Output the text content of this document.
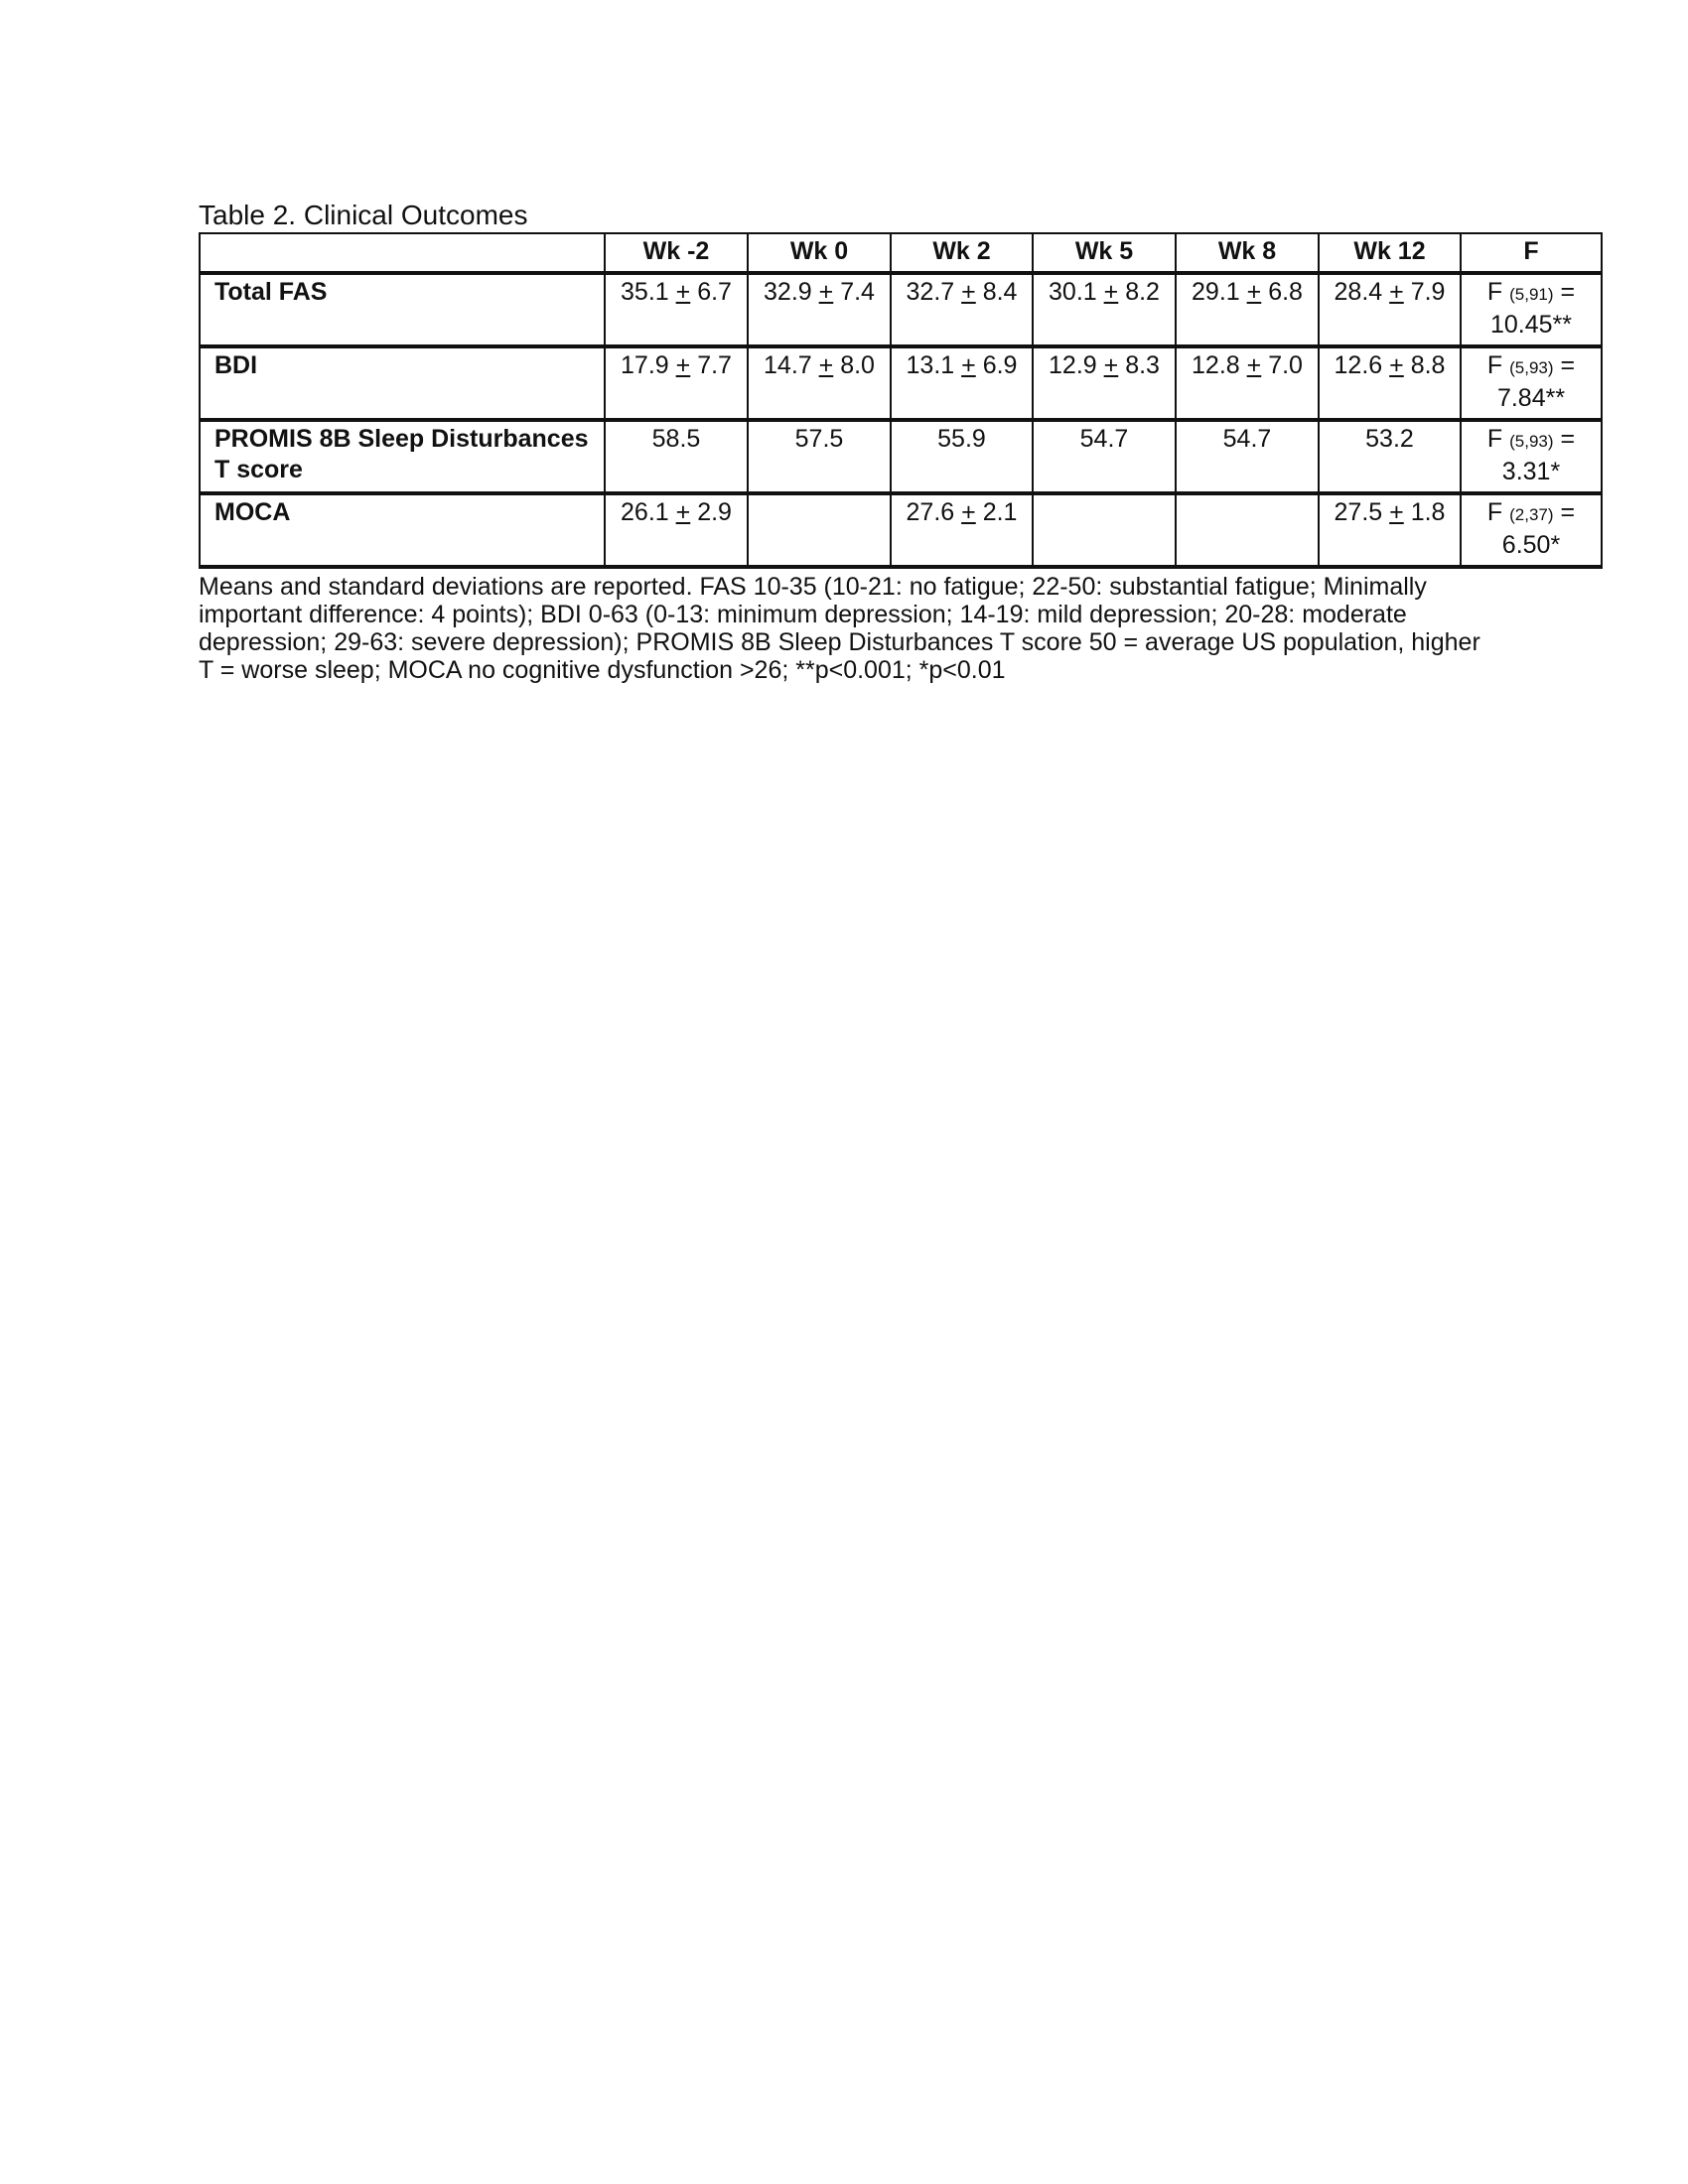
Table 2. Clinical Outcomes
	Wk -2	Wk 0	Wk 2	Wk 5	Wk 8	Wk 12	F
Total FAS	35.1 + 6.7	32.9 + 7.4	32.7 + 8.4	30.1 + 8.2	29.1 + 6.8	28.4 + 7.9	F (5,91) =
10.45**
BDI	17.9 + 7.7	14.7 + 8.0	13.1 + 6.9	12.9 + 8.3	12.8 + 7.0	12.6 + 8.8	F (5,93) =
7.84**
PROMIS 8B Sleep Disturbances T score	58.5	57.5	55.9	54.7	54.7	53.2	F (5,93) =
3.31*
MOCA	26.1 + 2.9		27.6 + 2.1			27.5 + 1.8	F (2,37) =
6.50*
Means and standard deviations are reported. FAS 10-35 (10-21: no fatigue; 22-50: substantial fatigue; Minimally important difference: 4 points); BDI 0-63 (0-13: minimum depression; 14-19: mild depression; 20-28: moderate depression; 29-63: severe depression); PROMIS 8B Sleep Disturbances T score 50 = average US population, higher T = worse sleep; MOCA no cognitive dysfunction >26; **p<0.001; *p<0.01
